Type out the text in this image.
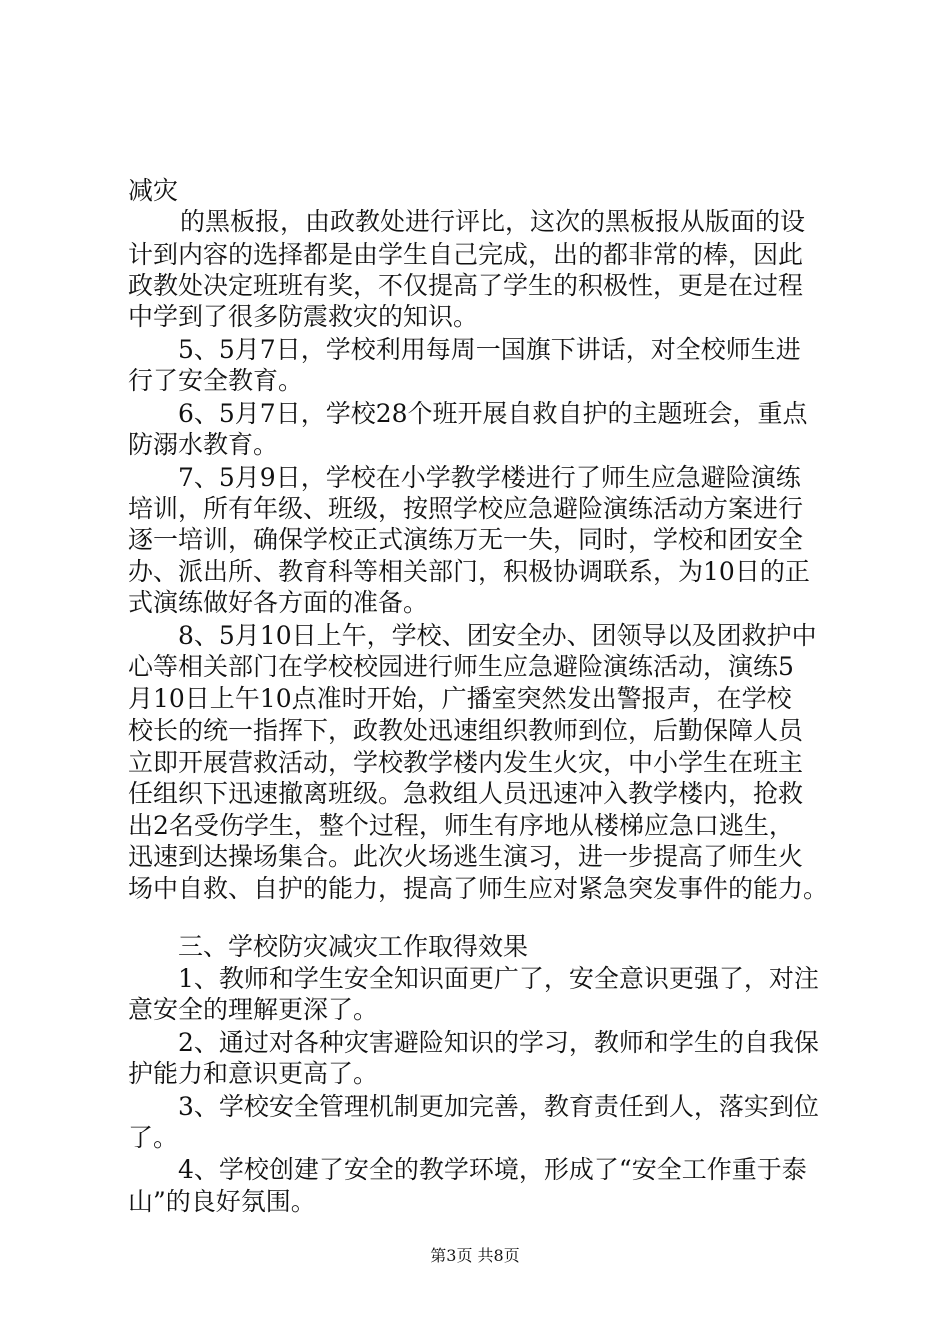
减灾
的黑板报，由政教处进行评比，这次的黑板报从版面的设
计到内容的选择都是由学生自己完成，出的都非常的棒，因此
政教处决定班班有奖，不仅提高了学生的积极性，更是在过程
中学到了很多防震救灾的知识。
5、5月7日，学校利用每周一国旗下讲话，对全校师生进
行了安全教育。
6、5月7日，学校28个班开展自救自护的主题班会，重点
防溺水教育。
7、5月9日，学校在小学教学楼进行了师生应急避险演练
培训，所有年级、班级，按照学校应急避险演练活动方案进行
逐一培训，确保学校正式演练万无一失，同时，学校和团安全
办、派出所、教育科等相关部门，积极协调联系，为10日的正
式演练做好各方面的准备。
8、5月10日上午，学校、团安全办、团领导以及团救护中
心等相关部门在学校校园进行师生应急避险演练活动，演练5
月10日上午10点准时开始，广播室突然发出警报声，在学校
校长的统一指挥下，政教处迅速组织教师到位，后勤保障人员
立即开展营救活动，学校教学楼内发生火灾，中小学生在班主
任组织下迅速撤离班级。急救组人员迅速冲入教学楼内，抢救
出2名受伤学生，整个过程，师生有序地从楼梯应急口逃生，
迅速到达操场集合。此次火场逃生演习，进一步提高了师生火
场中自救、自护的能力，提高了师生应对紧急突发事件的能力。
三、学校防灾减灾工作取得效果
1、教师和学生安全知识面更广了，安全意识更强了，对注
意安全的理解更深了。
2、通过对各种灾害避险知识的学习，教师和学生的自我保
护能力和意识更高了。
3、学校安全管理机制更加完善，教育责任到人，落实到位
了。
4、学校创建了安全的教学环境，形成了“安全工作重于泰
山”的良好氛围。
第3页 共8页
